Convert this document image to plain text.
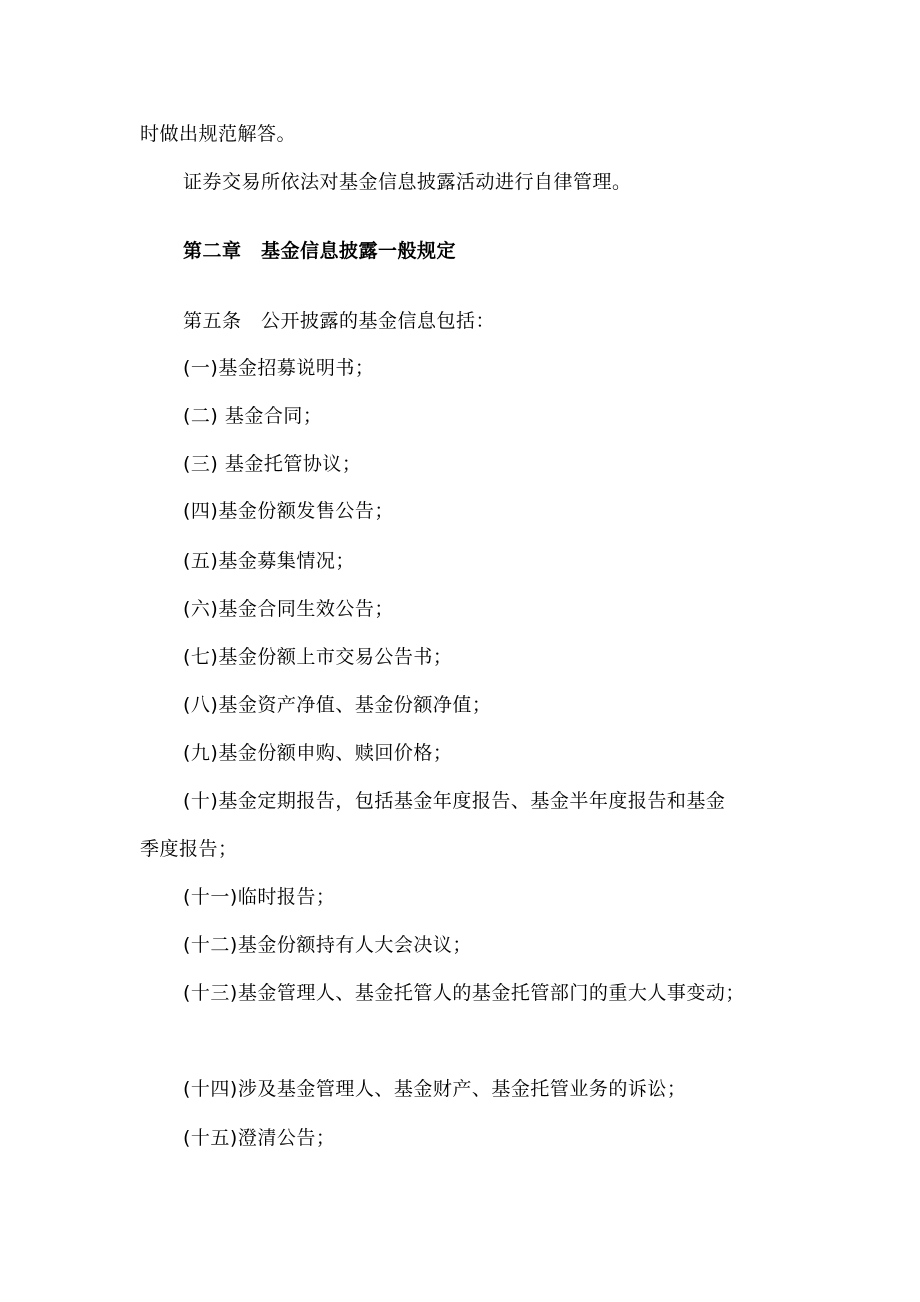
时做出规范解答。
证券交易所依法对基金信息披露活动进行自律管理。
第二章　基金信息披露一般规定
第五条　公开披露的基金信息包括：
(一)基金招募说明书；
(二) 基金合同；
(三) 基金托管协议；
(四)基金份额发售公告；
(五)基金募集情况；
(六)基金合同生效公告；
(七)基金份额上市交易公告书；
(八)基金资产净值、基金份额净值；
(九)基金份额申购、赎回价格；
(十)基金定期报告，包括基金年度报告、基金半年度报告和基金
季度报告；
(十一)临时报告；
(十二)基金份额持有人大会决议；
(十三)基金管理人、基金托管人的基金托管部门的重大人事变动；
(十四)涉及基金管理人、基金财产、基金托管业务的诉讼；
(十五)澄清公告；
